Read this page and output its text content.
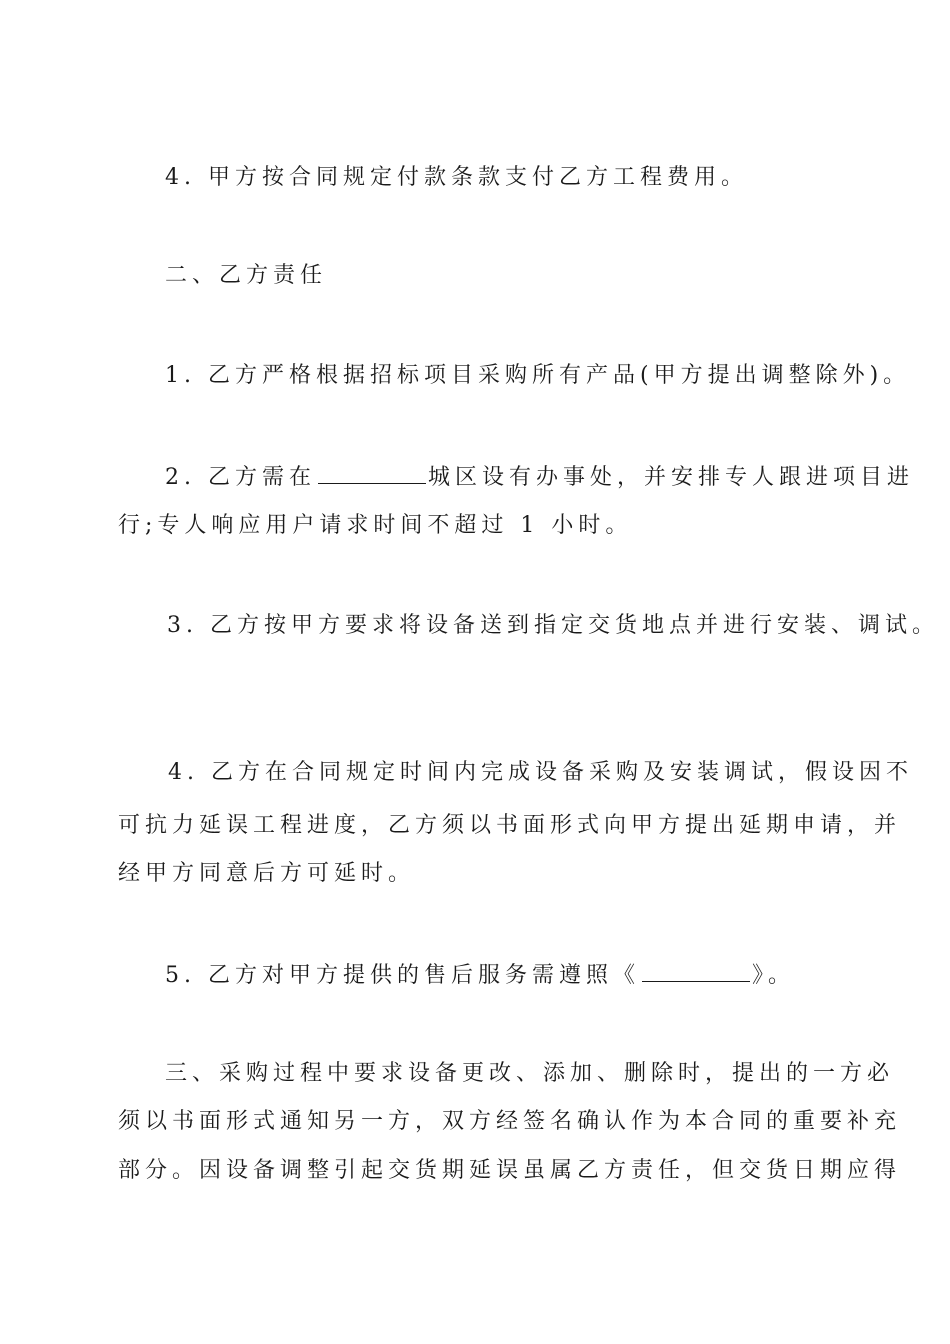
4. 甲方按合同规定付款条款支付乙方工程费用。
二、乙方责任
1. 乙方严格根据招标项目采购所有产品(甲方提出调整除外)。
2. 乙方需在	城区设有办事处，并安排专人跟进项目进
行;专人响应用户请求时间不超过 1 小时。
3. 乙方按甲方要求将设备送到指定交货地点并进行安装、调试。
4. 乙方在合同规定时间内完成设备采购及安装调试，假设因不
可抗力延误工程进度，乙方须以书面形式向甲方提出延期申请，并
经甲方同意后方可延时。
5. 乙方对甲方提供的售后服务需遵照《	》。
三、采购过程中要求设备更改、添加、删除时，提出的一方必
须以书面形式通知另一方，双方经签名确认作为本合同的重要补充
部分。因设备调整引起交货期延误虽属乙方责任，但交货日期应得
